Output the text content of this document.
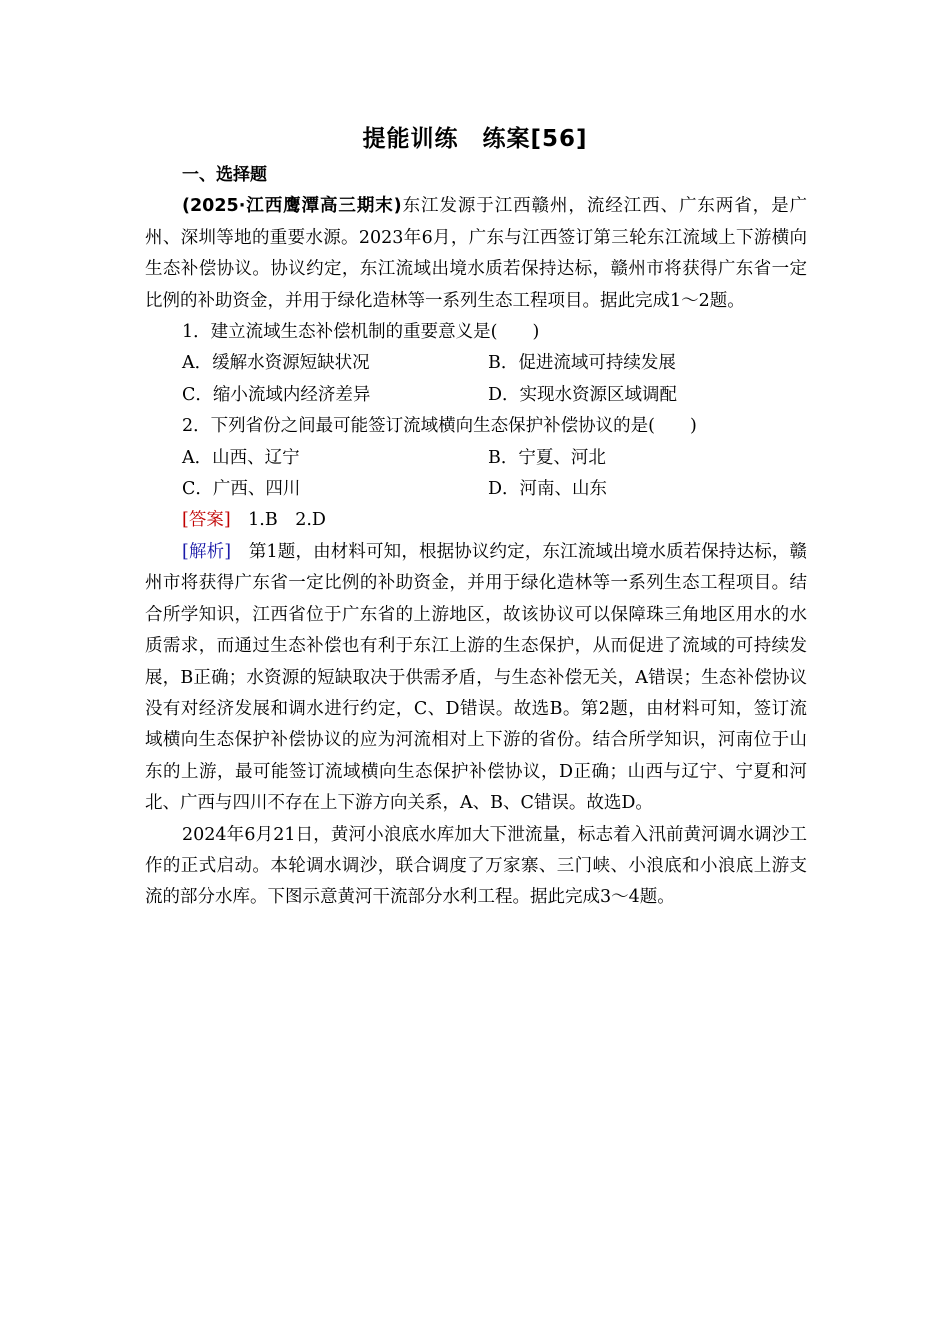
提能训练　练案[56]

一、选择题

(2025·江西鹰潭高三期末)东江发源于江西赣州，流经江西、广东两省，是广州、深圳等地的重要水源。2023年6月，广东与江西签订第三轮东江流域上下游横向生态补偿协议。协议约定，东江流域出境水质若保持达标，赣州市将获得广东省一定比例的补助资金，并用于绿化造林等一系列生态工程项目。据此完成1～2题。

1．建立流域生态补偿机制的重要意义是(　　)

A．缓解水资源短缺状况	B．促进流域可持续发展
C．缩小流域内经济差异	D．实现水资源区域调配

2．下列省份之间最可能签订流域横向生态保护补偿协议的是(　　)

A．山西、辽宁	B．宁夏、河北
C．广西、四川	D．河南、山东

[答案]　1.B　2.D

[解析]　第1题，由材料可知，根据协议约定，东江流域出境水质若保持达标，赣州市将获得广东省一定比例的补助资金，并用于绿化造林等一系列生态工程项目。结合所学知识，江西省位于广东省的上游地区，故该协议可以保障珠三角地区用水的水质需求，而通过生态补偿也有利于东江上游的生态保护，从而促进了流域的可持续发展，B正确；水资源的短缺取决于供需矛盾，与生态补偿无关，A错误；生态补偿协议没有对经济发展和调水进行约定，C、D错误。故选B。第2题，由材料可知，签订流域横向生态保护补偿协议的应为河流相对上下游的省份。结合所学知识，河南位于山东的上游，最可能签订流域横向生态保护补偿协议，D正确；山西与辽宁、宁夏和河北、广西与四川不存在上下游方向关系，A、B、C错误。故选D。

2024年6月21日，黄河小浪底水库加大下泄流量，标志着入汛前黄河调水调沙工作的正式启动。本轮调水调沙，联合调度了万家寨、三门峡、小浪底和小浪底上游支流的部分水库。下图示意黄河干流部分水利工程。据此完成3～4题。
